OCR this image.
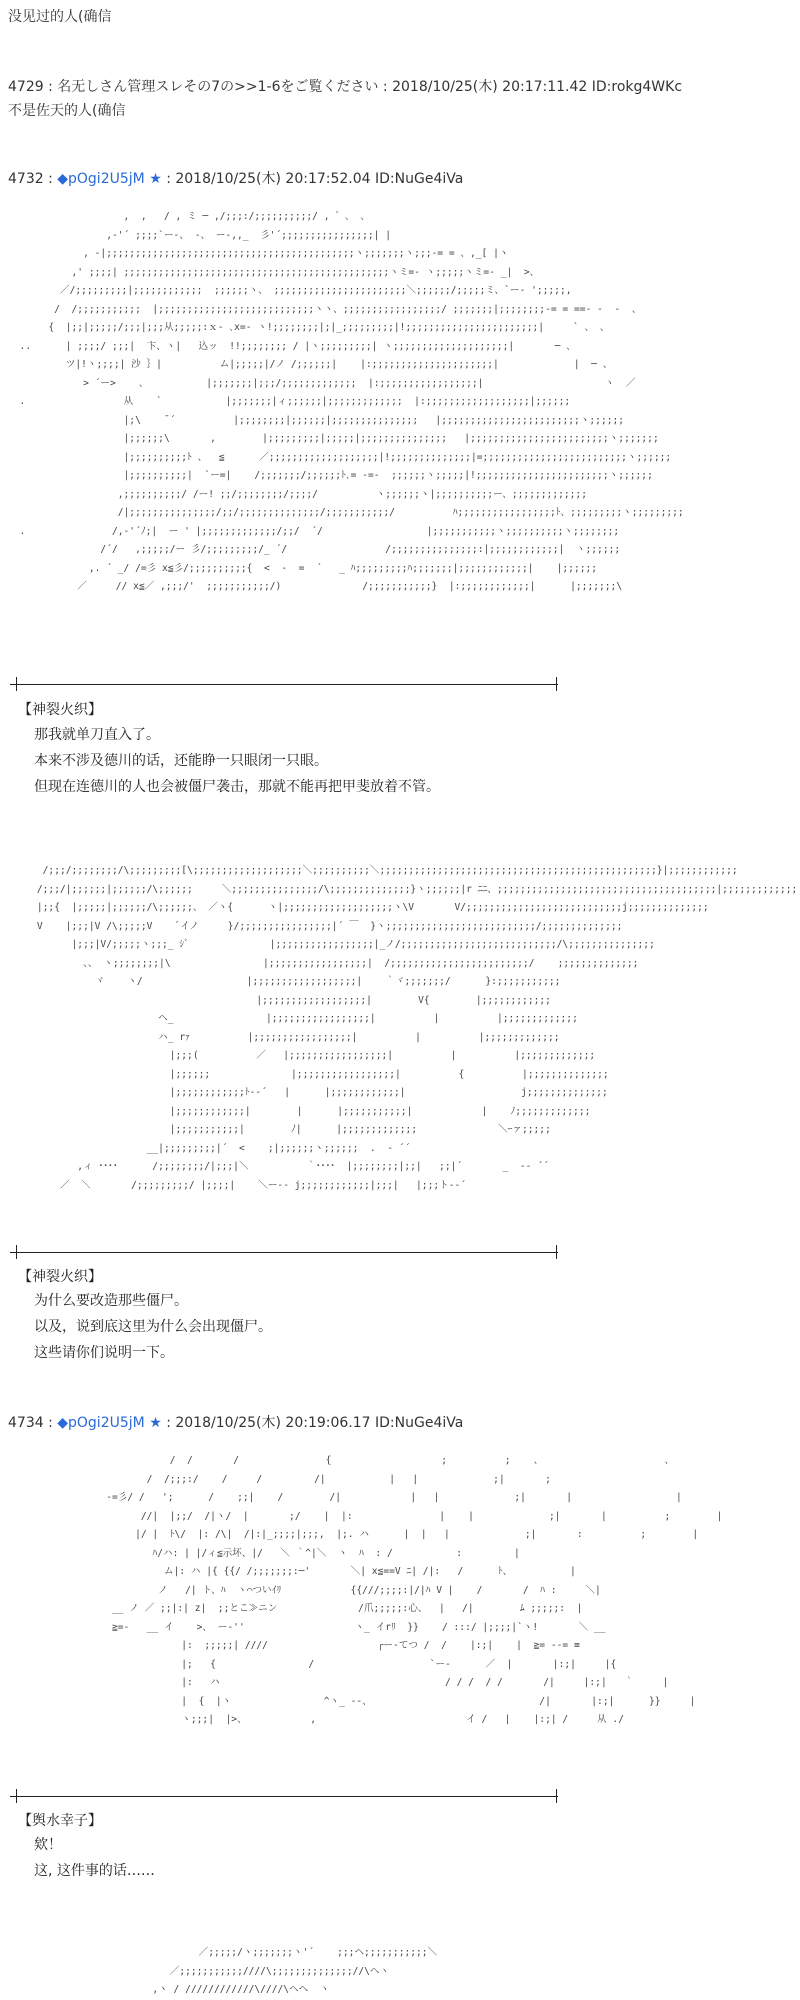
没见过的人(确信
4729 : 名无しさん管理スレその7の>>1-6をご覧ください : 2018/10/25(木) 20:17:11.42 ID:rokg4WKc
不是佐天的人(确信
4732 : ◆pOgi2U5jM ★ : 2018/10/25(木) 20:17:52.04 ID:NuGe4iVa
,  ,   / , ミ ─ ,/;;;:/;;;;;;;;;;/ , ゛、 、
,-'´ ;;;;`ー-、 -、 ー-,,_  彡'´;;;;;;;;;;;;;;;;| |
, -|;;;;;;;;;;;;;;;;;;;;;;;;;;;;;;;;;;;;;;;;;;;ヽ;;;;;;;ヽ;;;-= = 、,_[ |ヽ
,' ;;;;| ;;;;;;;;;;;;;;;;;;;;;;;;;;;;;;;;;;;;;;;;;;;;;;ヽミ=- ヽ;;;;;ヽミ=- _|  >、
／/;;;;;;;;;|;;;;;;;;;;;;  ;;;;;;ヽ、 ;;;;;;;;;;;;;;;;;;;;;;;＼;;;;;;/;;;;;ミ、`ー- ';;;;;,
/  /;;;;;;;;;;;  |;;;;;;;;;;;;;;;;;;;;;;;;;;;ヽヽ、;;;;;;;;;;;;;;;;;/ ;;;;;;;|;;;;;;;;-= = ==- -  -  、
{  |;;|;;;;;/;;;|;;;从;;;;;:ｘ‐ ､x=- ヽ!;;;;;;;;|;|_;;;;;;;;;|!;;;;;;;;;;;;;;;;;;;;;;;|     ` 、 、
..      | ;;;;/ ;;;|  卞、ヽ|   込ッ  !!;;;;;;;; / |ヽ;;;;;;;;;| ヽ;;;;;;;;;;;;;;;;;;;;|       ─ 、
ツ|!ヽ;;;;| 沙 ｝|          ム|;;;;;|/ノ /;;;;;;|    |:;;;;;;;;;;;;;;;;;;;;;|             |  ─ 、
> ´ー>    、          |;;;;;;;|;;;/;;;;;;;;;;;;;  |:;;;;;;;;;;;;;;;;;|                     ヽ  ／
.                 从    `           |;;;;;;;|ィ;;;;;;|;;;;;;;;;;;;;  |:;;;;;;;;;;;;;;;;;;|;;;;;;
|;\    ̄ ´          |;;;;;;;;|;;;;;;|;;;;;;;;;;;;;;;   |;;;;;;;;;;;;;;;;;;;;;;;;ヽ;;;;;;
|;;;;;;\       ,        |;;;;;;;;;|;;;;;|;;;;;;;;;;;;;;;   |;;;;;;;;;;;;;;;;;;;;;;;;ヽ;;;;;;;
|;;;;;;;;;;ﾄ 、  ≦      ／;;;;;;;;;;;;;;;;;;;|!;;;;;;;;;;;;;;|=;;;;;;;;;;;;;;;;;;;;;;;;;ヽ;;;;;;
|;;;;;;;;;;|  `ー=|    /;;;;;;;/;;;;;;ﾄ､= -=-  ;;;;;;ヽ;;;;;|!;;;;;;;;;;;;;;;;;;;;;;;ヽ;;;;;;
,;;;;;;;;;;/ /ー! ;;/;;;;;;;;/;;;;/          ヽ;;;;;;ヽ|;;;;;;;;;;ー、;;;;;;;;;;;;;
/|;;;;;;;;;;;;;;;/;;/;;;;;;;;;;;;;;/;;;;;;;;;;;/          ﾊ;;;;;;;;;;;;;;;;;ﾄ、;;;;;;;;;ヽ;;;;;;;;;
.               /,-'´ﾉ;|  ー ' |;;;;;;;;;;;;;/;;/  ´/                  |;;;;;;;;;;;ヽ;;;;;;;;;;ヽ;;;;;;;;
/´/   ,;;;;;/ー 彡/;;;;;;;;;/_ ´/                 /;;;;;;;;;;;;;;;:|;;;;;;;;;;;;|  ヽ;;;;;;
,. ´ _/ /=彡 x≦彡/;;;;;;;;;;{  <  ‐  =  ´   _ ﾊ;;;;;;;;;ﾊ;;;;;;;|;;;;;;;;;;;;|    |;;;;;;
／     // x≦／ ,;;;/'  ;;;;;;;;;;;/)              /;;;;;;;;;;;}  |:;;;;;;;;;;;;|      |;;;;;;;\
【神裂火织】
那我就单刀直入了。
本来不涉及德川的话，还能睁一只眼闭一只眼。
但现在连德川的人也会被僵尸袭击，那就不能再把甲斐放着不管。
/;;;/;;;;;;;;/\;;;;;;;;;[\;;;;;;;;;;;;;;;;;;;＼;;;;;;;;;;＼;;;;;;;;;;;;;;;;;;;;;;;;;;;;;;;;;;;;;;;;;;;;;;;;}|;;;;;;;;;;;;
/;;;/|;;;;;;|;;;;;;/\;;;;;;     ＼;;;;;;;;;;;;;;;/\;;;;;;;;;;;;;;}ヽ;;;;;;|r ﾆﾆ、;;;;;;;;;;;;;;;;;;;;;;;;;;;;;;;;;;;;;;|;;;;;;;;;;;;;
|;;{  |;;;;;|;;;;;;/\;;;;;;、 ／ヽ{      ヽ|;;;;;;;;;;;;;;;;;;;ヽ\V       V/;;;;;;;;;;;;;;;;;;;;;;;;;;;j;;;;;;;;;;;;;;
V    |;;;|V /\;;;;;V    ﾞイノ     }/;;;;;;;;;;;;;;;;|´ ￣  }ヽ;;;;;;;;;;;;;;;;;;;;;;;;;;/;;;;;;;;;;;;;;
|;;;|V/;;;;;ヽ;;;_ ｼﾞ              |;;;;;;;;;;;;;;;;;|_ノ/;;;;;;;;;;;;;;;;;;;;;;;;;;;/\;;;;;;;;;;;;;;;
、、 ヽ;;;;;;;;|\                |;;;;;;;;;;;;;;;;;|  /;;;;;;;;;;;;;;;;;;;;;;;;/    ;;;;;;;;;;;;;;
ヾ    ヽ/                  |;;;;;;;;;;;;;;;;;;|    ｀ヾ;;;;;;;/      }:;;;;;;;;;;;
|;;;;;;;;;;;;;;;;;;|        V{        |;;;;;;;;;;;;
ヘ_                |;;;;;;;;;;;;;;;;;|          |          |;;;;;;;;;;;;;
ハ_ rｧ          |;;;;;;;;;;;;;;;;;|          |          |;;;;;;;;;;;;;
|;;;(          ／   |;;;;;;;;;;;;;;;;;|          |          |;;;;;;;;;;;;;
|;;;;;;              |;;;;;;;;;;;;;;;;;|          {          |;;;;;;;;;;;;;;
|;;;;;;;;;;;;ﾄ-‐´   |      |;;;;;;;;;;;;|                    j;;;;;;;;;;;;;;
|;;;;;;;;;;;;|        |      |;;;;;;;;;;;|            |    ﾉ;;;;;;;;;;;;;
|;;;;;;;;;;;|        ﾉ|      |;;;;;;;;;;;;;              ＼ｰァ;;;;;
__|;;;;;;;;;|´  <    ;|;;;;;;ヽ;;;;;;  .  ‐ ´´
,ィ ････      /;;;;;;;;/|;;;|＼          ｀････  |;;;;;;;;|;;|   ;;|´       _  -‐ ´´
／  ＼       /;;;;;;;;;/ |;;;;|    ＼ー‐‐ j;;;;;;;;;;;;|;;;|   |;;;ト-‐´
【神裂火织】
为什么要改造那些僵尸。
以及，说到底这里为什么会出现僵尸。
这些请你们说明一下。
4734 : ◆pOgi2U5jM ★ : 2018/10/25(木) 20:19:06.17 ID:NuGe4iVa
/  /       /               {                   ;          ;    、                     、
/  /;;;:/    /     /         /|           |   |             ;|       ;
-=彡/ /   ';      /    ;;|    /        /|            |   |             ;|       |                  |
//|  |;;/  /|ヽ/  |       ;/    |  |:               |    |             ;|       |          ;        |
|/ |  ﾄ\/  |: /\|  /|:|_;;;;|;;;,  |;. ハ      |  |   |             ;|       :          ;        |
ﾊ/ハ: | |/ィ≦示坏、|/   ＼ ｀^|＼  ヽ  ﾊ  : /           :         |
ム|: ハ |{ {{/ /;;;;;;;:─'       ＼| x≦==V ﾆ| /|:   /      ﾄ、          |
ノ   /| ト、ﾊ  ヽ⌒ついｲﾘ            {{///;;;;:|/|ﾊ V |    /       /  ﾊ :     ＼|
__ ノ ／ ;;|:| z|  ;;とこ≫ニン              /爪;;;;;:心、  |   /|        ﾑ ;;;;;:  |
≧=-   __ イ    >、 ー‐''                   ヽ_ イrﾘ  }}    / :::/ |;;;;|`ヽ!       ＼ __
|:  ;;;;;| ////                   ┌ー-てつ /  /    |:;|    |  ≧= ‐‐= ≡
|;   {                /                    `ー-      ／  |       |:;|     |{
|:   ハ                                       / / /  / /       /|     |:;|   ｀     |
|  {  |ヽ                ^ヽ_ ‐-、                             /|       |:;|      }}     |
ヽ;;;|  |>、           ,                          イ /   |    |:;| /     从 ./
【舆水幸子】
欸！
这, 这件事的话……
／;;;;;/ヽ;;;;;;;ヽ'´    ;;;ヘ;;;;;;;;;;;＼
／;;;;;;;;;;;////\;;;;;;;;;;;;;;//\ヘヽ
,ヽ / ////////////\////\ヘヘ  ヽ
